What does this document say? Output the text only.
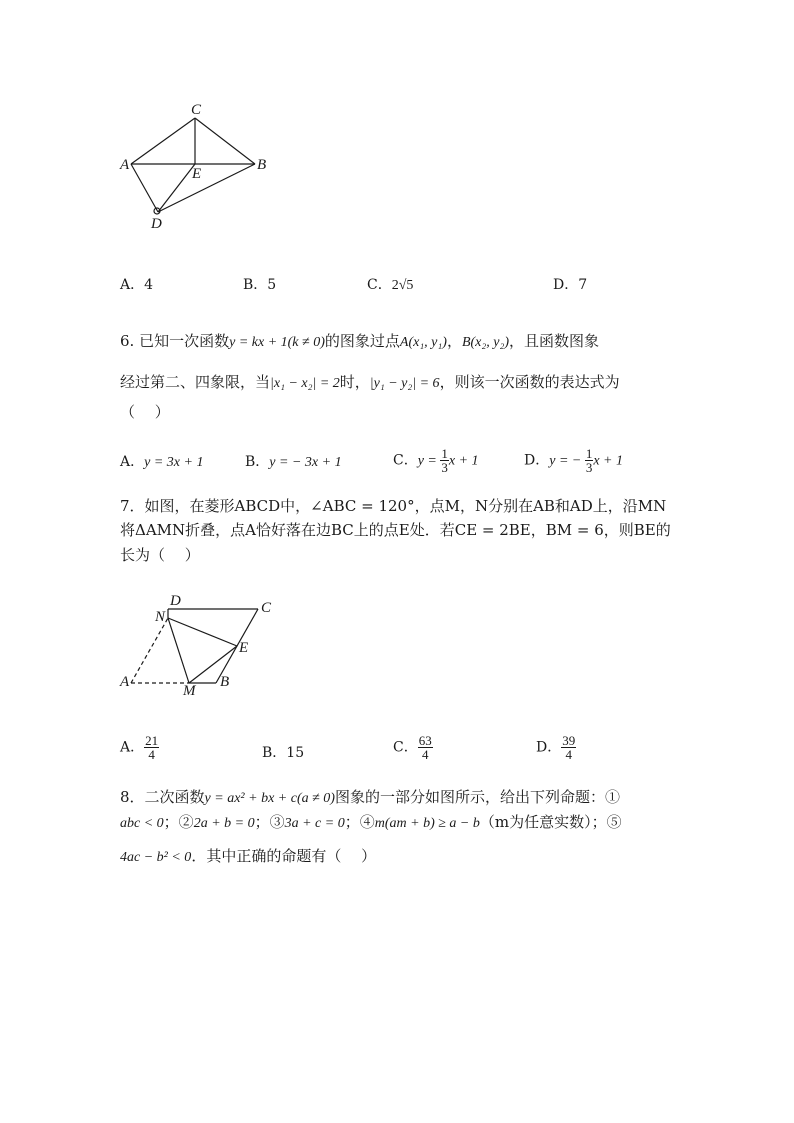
C
A
E
B
D
A．4	B．5	C．2√5	D．7
6. 已知一次函数y = kx + 1(k ≠ 0)的图象过点A(x₁, y₁)，B(x₂, y₂)，且函数图象
经过第二、四象限，当|x₁ − x₂| = 2时，|y₁ − y₂| = 6，则该一次函数的表达式为
（　 ）
A．y = 3x + 1	B．y = − 3x + 1	C．$y = \frac{1}{3}$ x + 1	D．y = − $\frac{1}{3}$ x + 1
7．如图，在菱形ABCD中，∠ABC = 120°，点M，N分别在AB和AD上，沿MN
将ΔAMN折叠，点A恰好落在边BC上的点E处．若CE = 2BE，BM = 6，则BE的
长为（　 ）
D	C
N
E
A
M
B
A． $\frac{21}{4}$	B．15	C． $\frac{63}{4}$	D． $\frac{39}{4}$
8．二次函数y = ax² + bx + c(a ≠ 0)图象的一部分如图所示，给出下列命题：①
abc < 0；②2a + b = 0；③3a + c = 0；④m(am + b) ≥ a − b（m为任意实数）；⑤
4ac − b² < 0．其中正确的命题有（　 ）
